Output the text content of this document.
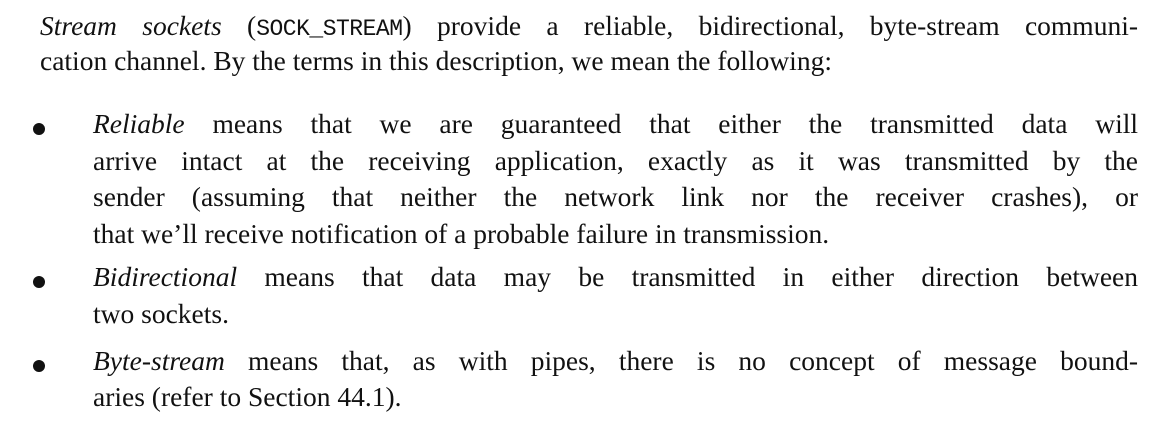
Stream sockets (SOCK_STREAM) provide a reliable, bidirectional, byte-stream communi-
cation channel. By the terms in this description, we mean the following:
Reliable means that we are guaranteed that either the transmitted data will
arrive intact at the receiving application, exactly as it was transmitted by the
sender (assuming that neither the network link nor the receiver crashes), or
that we’ll receive notification of a probable failure in transmission.
Bidirectional means that data may be transmitted in either direction between
two sockets.
Byte-stream means that, as with pipes, there is no concept of message bound-
aries (refer to Section 44.1).
